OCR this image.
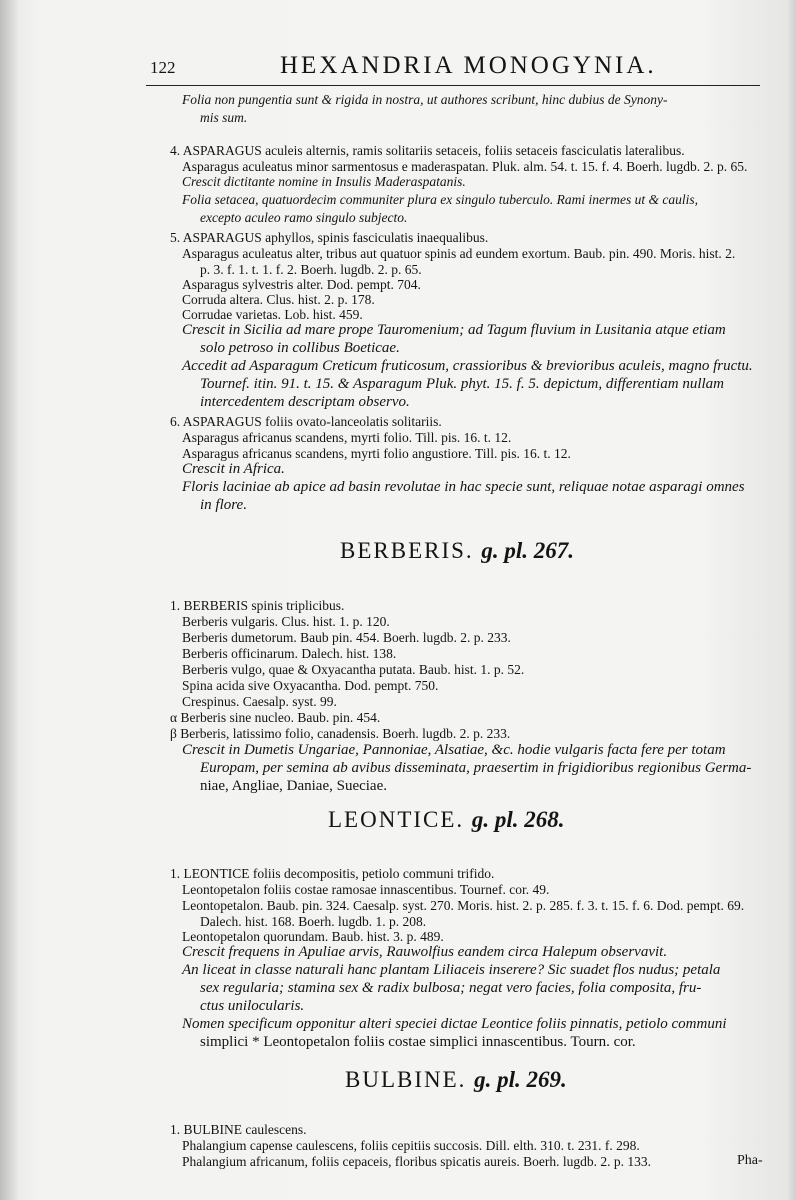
122	HEXANDRIA MONOGYNIA.
Folia non pungentia sunt & rigida in nostra, ut authores scribunt, hinc dubius de Synony-
mis sum.
4. ASPARAGUS aculeis alternis, ramis solitariis setaceis, foliis setaceis fasciculatis lateralibus.
Asparagus aculeatus minor sarmentosus e maderaspatan. Pluk. alm. 54. t. 15. f. 4. Boerh. lugdb. 2. p. 65.
Crescit dictitante nomine in Insulis Maderaspatanis.
Folia setacea, quatuordecim communiter plura ex singulo tuberculo. Rami inermes ut & caulis,
excepto aculeo ramo singulo subjecto.
5. ASPARAGUS aphyllos, spinis fasciculatis inaequalibus.
Asparagus aculeatus alter, tribus aut quatuor spinis ad eundem exortum. Baub. pin. 490. Moris. hist. 2.
p. 3. f. 1. t. 1. f. 2. Boerh. lugdb. 2. p. 65.
Asparagus sylvestris alter. Dod. pempt. 704.
Corruda altera. Clus. hist. 2. p. 178.
Corrudae varietas. Lob. hist. 459.
Crescit in Sicilia ad mare prope Tauromenium; ad Tagum fluvium in Lusitania atque etiam
solo petroso in collibus Boeticae.
Accedit ad Asparagum Creticum fruticosum, crassioribus & brevioribus aculeis, magno fructu.
Tournef. itin. 91. t. 15. & Asparagum Pluk. phyt. 15. f. 5. depictum, differentiam nullam
intercedentem descriptam observo.
6. ASPARAGUS foliis ovato-lanceolatis solitariis.
Asparagus africanus scandens, myrti folio. Till. pis. 16. t. 12.
Asparagus africanus scandens, myrti folio angustiore. Till. pis. 16. t. 12.
Crescit in Africa.
Floris laciniae ab apice ad basin revolutae in hac specie sunt, reliquae notae asparagi omnes
in flore.
BERBERIS. g. pl. 267.
1. BERBERIS spinis triplicibus.
Berberis vulgaris. Clus. hist. 1. p. 120.
Berberis dumetorum. Baub pin. 454. Boerh. lugdb. 2. p. 233.
Berberis officinarum. Dalech. hist. 138.
Berberis vulgo, quae & Oxyacantha putata. Baub. hist. 1. p. 52.
Spina acida sive Oxyacantha. Dod. pempt. 750.
Crespinus. Caesalp. syst. 99.
α Berberis sine nucleo. Baub. pin. 454.
β Berberis, latissimo folio, canadensis. Boerh. lugdb. 2. p. 233.
Crescit in Dumetis Ungariae, Pannoniae, Alsatiae, &c. hodie vulgaris facta fere per totam
Europam, per semina ab avibus disseminata, praesertim in frigidioribus regionibus Germa-
niae, Angliae, Daniae, Sueciae.
LEONTICE. g. pl. 268.
1. LEONTICE foliis decompositis, petiolo communi trifido.
Leontopetalon foliis costae ramosae innascentibus. Tournef. cor. 49.
Leontopetalon. Baub. pin. 324. Caesalp. syst. 270. Moris. hist. 2. p. 285. f. 3. t. 15. f. 6. Dod. pempt. 69.
Dalech. hist. 168. Boerh. lugdb. 1. p. 208.
Leontopetalon quorundam. Baub. hist. 3. p. 489.
Crescit frequens in Apuliae arvis, Rauwolfius eandem circa Halepum observavit.
An liceat in classe naturali hanc plantam Liliaceis inserere? Sic suadet flos nudus; petala
sex regularia; stamina sex & radix bulbosa; negat vero facies, folia composita, fru-
ctus unilocularis.
Nomen specificum opponitur alteri speciei dictae Leontice foliis pinnatis, petiolo communi
simplici * Leontopetalon foliis costae simplici innascentibus. Tourn. cor.
BULBINE. g. pl. 269.
1. BULBINE caulescens.
Phalangium capense caulescens, foliis cepitiis succosis. Dill. elth. 310. t. 231. f. 298.
Phalangium africanum, foliis cepaceis, floribus spicatis aureis. Boerh. lugdb. 2. p. 133.	Pha-
